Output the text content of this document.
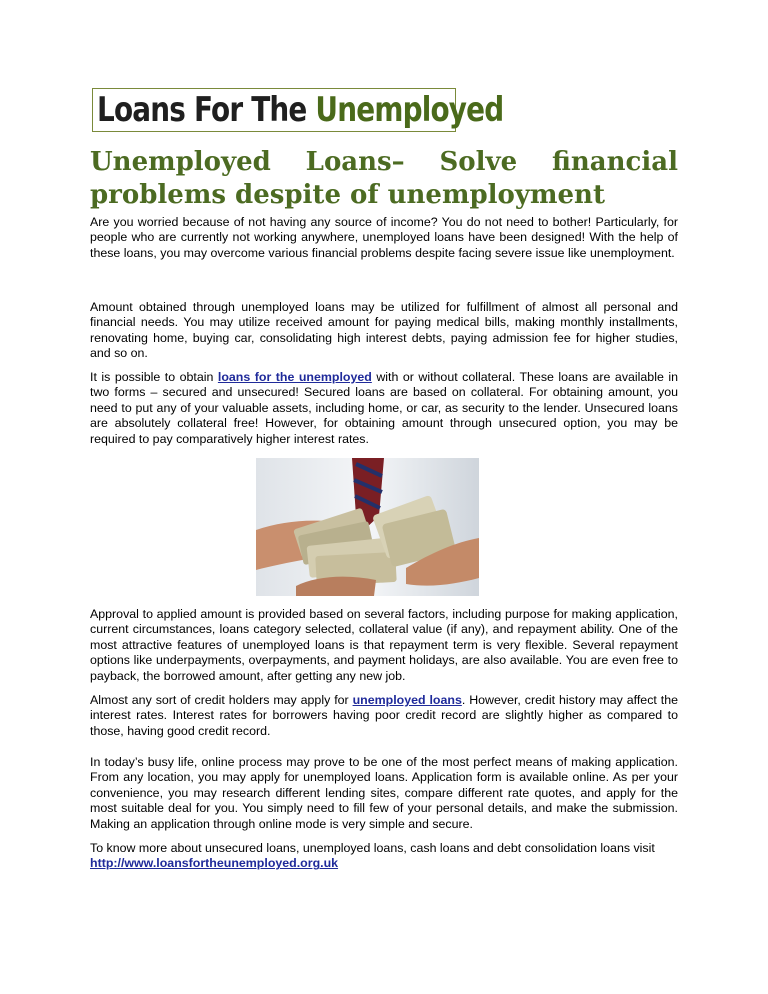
Loans For The Unemployed
Unemployed Loans– Solve financial
problems despite of unemployment

Are you worried because of not having any source of income? You do not need to bother! Particularly, for people who are currently not working anywhere, unemployed loans have been designed! With the help of these loans, you may overcome various financial problems despite facing severe issue like unemployment.

Amount obtained through unemployed loans may be utilized for fulfillment of almost all personal and financial needs. You may utilize received amount for paying medical bills, making monthly installments, renovating home, buying car, consolidating high interest debts, paying admission fee for higher studies, and so on.

It is possible to obtain loans for the unemployed with or without collateral. These loans are available in two forms – secured and unsecured! Secured loans are based on collateral. For obtaining amount, you need to put any of your valuable assets, including home, or car, as security to the lender. Unsecured loans are absolutely collateral free! However, for obtaining amount through unsecured option, you may be required to pay comparatively higher interest rates.

Approval to applied amount is provided based on several factors, including purpose for making application, current circumstances, loans category selected, collateral value (if any), and repayment ability. One of the most attractive features of unemployed loans is that repayment term is very flexible. Several repayment options like underpayments, overpayments, and payment holidays, are also available. You are even free to payback, the borrowed amount, after getting any new job.

Almost any sort of credit holders may apply for unemployed loans. However, credit history may affect the interest rates. Interest rates for borrowers having poor credit record are slightly higher as compared to those, having good credit record.

In today’s busy life, online process may prove to be one of the most perfect means of making application. From any location, you may apply for unemployed loans. Application form is available online. As per your convenience, you may research different lending sites, compare different rate quotes, and apply for the most suitable deal for you. You simply need to fill few of your personal details, and make the submission. Making an application through online mode is very simple and secure.

To know more about unsecured loans, unemployed loans, cash loans and debt consolidation loans visit
http://www.loansfortheunemployed.org.uk
